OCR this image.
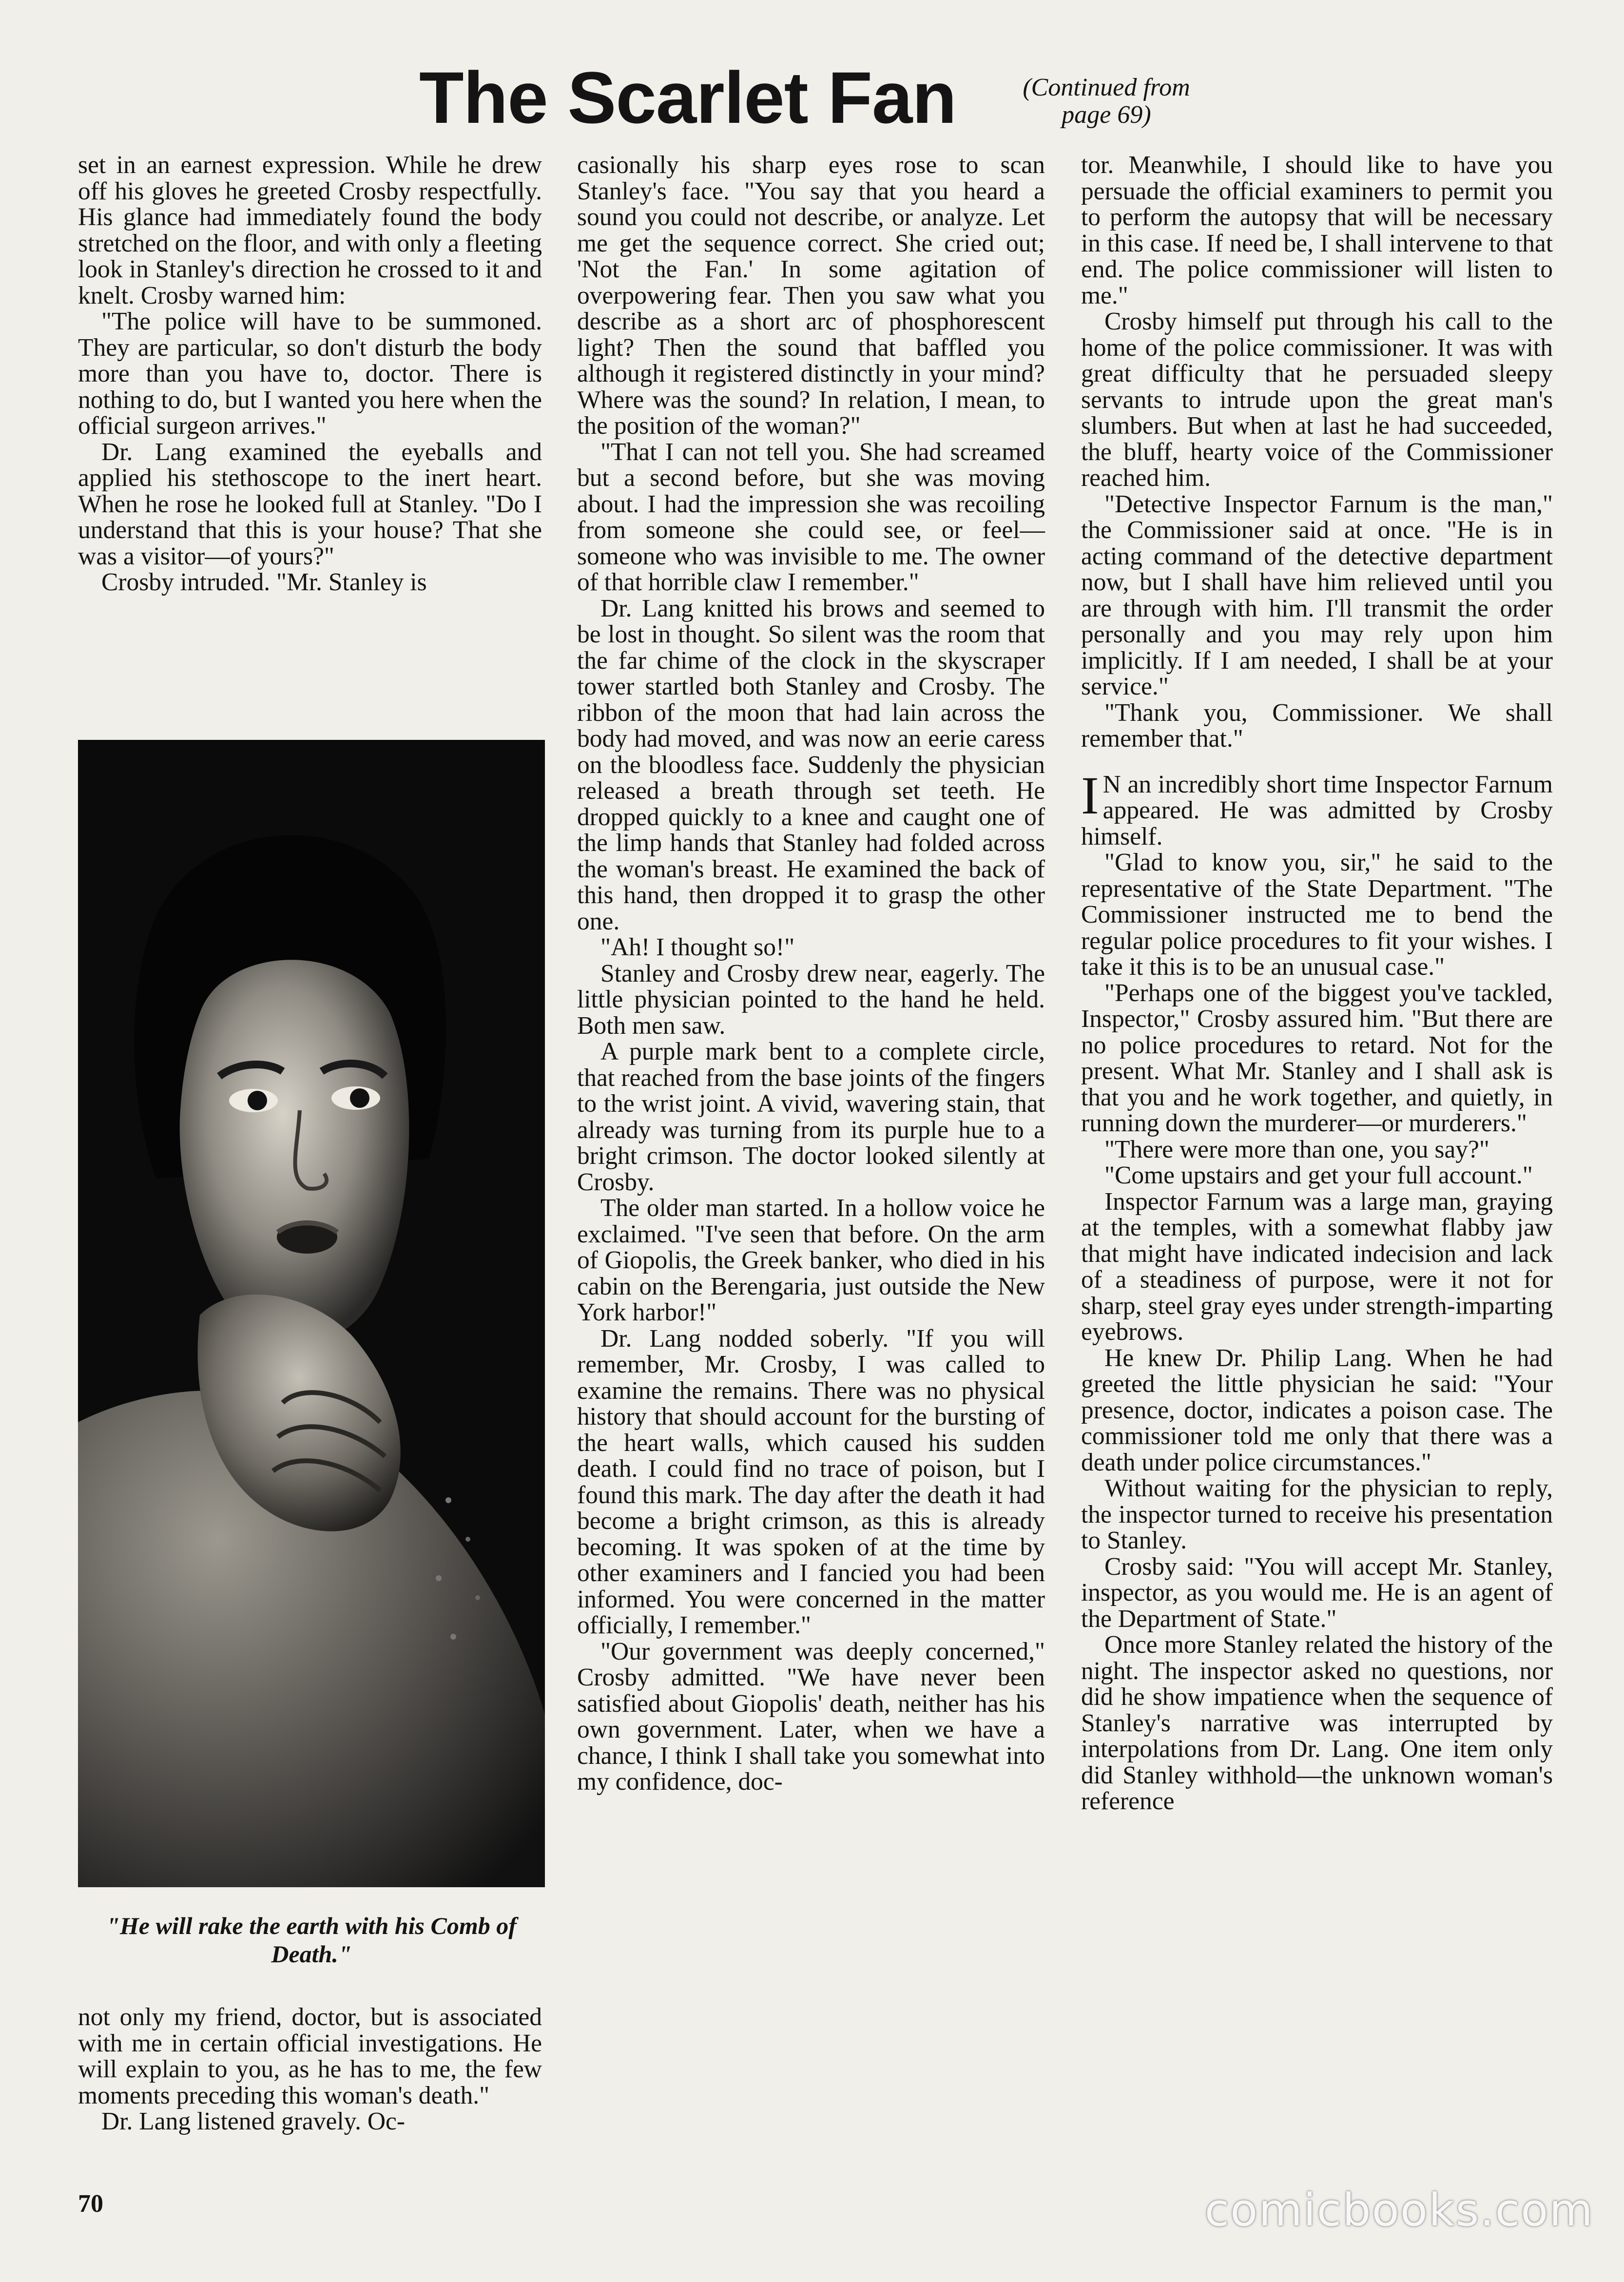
The Scarlet Fan	(Continued from
page 69)

set in an earnest expression. While he drew off his gloves he greeted Crosby respectfully. His glance had immediately found the body stretched on the floor, and with only a fleeting look in Stanley's direction he crossed to it and knelt. Crosby warned him:

"The police will have to be summoned. They are particular, so don't disturb the body more than you have to, doctor. There is nothing to do, but I wanted you here when the official surgeon arrives."

Dr. Lang examined the eyeballs and applied his stethoscope to the inert heart. When he rose he looked full at Stanley. "Do I understand that this is your house? That she was a visitor—of yours?"

Crosby intruded. "Mr. Stanley is

"He will rake the earth with his Comb of Death."

not only my friend, doctor, but is associated with me in certain official investigations. He will explain to you, as he has to me, the few moments preceding this woman's death."

Dr. Lang listened gravely. Oc-

casionally his sharp eyes rose to scan Stanley's face. "You say that you heard a sound you could not describe, or analyze. Let me get the sequence correct. She cried out; 'Not the Fan.' In some agitation of overpowering fear. Then you saw what you describe as a short arc of phosphorescent light? Then the sound that baffled you although it registered distinctly in your mind? Where was the sound? In relation, I mean, to the position of the woman?"

"That I can not tell you. She had screamed but a second before, but she was moving about. I had the impression she was recoiling from someone she could see, or feel—someone who was invisible to me. The owner of that horrible claw I remember."

Dr. Lang knitted his brows and seemed to be lost in thought. So silent was the room that the far chime of the clock in the skyscraper tower startled both Stanley and Crosby. The ribbon of the moon that had lain across the body had moved, and was now an eerie caress on the bloodless face. Suddenly the physician released a breath through set teeth. He dropped quickly to a knee and caught one of the limp hands that Stanley had folded across the woman's breast. He examined the back of this hand, then dropped it to grasp the other one.

"Ah! I thought so!"

Stanley and Crosby drew near, eagerly. The little physician pointed to the hand he held. Both men saw.

A purple mark bent to a complete circle, that reached from the base joints of the fingers to the wrist joint. A vivid, wavering stain, that already was turning from its purple hue to a bright crimson. The doctor looked silently at Crosby.

The older man started. In a hollow voice he exclaimed. "I've seen that before. On the arm of Giopolis, the Greek banker, who died in his cabin on the Berengaria, just outside the New York harbor!"

Dr. Lang nodded soberly. "If you will remember, Mr. Crosby, I was called to examine the remains. There was no physical history that should account for the bursting of the heart walls, which caused his sudden death. I could find no trace of poison, but I found this mark. The day after the death it had become a bright crimson, as this is already becoming. It was spoken of at the time by other examiners and I fancied you had been informed. You were concerned in the matter officially, I remember."

"Our government was deeply concerned," Crosby admitted. "We have never been satisfied about Giopolis' death, neither has his own government. Later, when we have a chance, I think I shall take you somewhat into my confidence, doc-

tor. Meanwhile, I should like to have you persuade the official examiners to permit you to perform the autopsy that will be necessary in this case. If need be, I shall intervene to that end. The police commissioner will listen to me."

Crosby himself put through his call to the home of the police commissioner. It was with great difficulty that he persuaded sleepy servants to intrude upon the great man's slumbers. But when at last he had succeeded, the bluff, hearty voice of the Commissioner reached him.

"Detective Inspector Farnum is the man," the Commissioner said at once. "He is in acting command of the detective department now, but I shall have him relieved until you are through with him. I'll transmit the order personally and you may rely upon him implicitly. If I am needed, I shall be at your service."

"Thank you, Commissioner. We shall remember that."

IN an incredibly short time Inspector Farnum appeared. He was admitted by Crosby himself.

"Glad to know you, sir," he said to the representative of the State Department. "The Commissioner instructed me to bend the regular police procedures to fit your wishes. I take it this is to be an unusual case."

"Perhaps one of the biggest you've tackled, Inspector," Crosby assured him. "But there are no police procedures to retard. Not for the present. What Mr. Stanley and I shall ask is that you and he work together, and quietly, in running down the murderer—or murderers."

"There were more than one, you say?"

"Come upstairs and get your full account."

Inspector Farnum was a large man, graying at the temples, with a somewhat flabby jaw that might have indicated indecision and lack of a steadiness of purpose, were it not for sharp, steel gray eyes under strength-imparting eyebrows.

He knew Dr. Philip Lang. When he had greeted the little physician he said: "Your presence, doctor, indicates a poison case. The commissioner told me only that there was a death under police circumstances."

Without waiting for the physician to reply, the inspector turned to receive his presentation to Stanley.

Crosby said: "You will accept Mr. Stanley, inspector, as you would me. He is an agent of the Department of State."

Once more Stanley related the history of the night. The inspector asked no questions, nor did he show impatience when the sequence of Stanley's narrative was interrupted by interpolations from Dr. Lang. One item only did Stanley withhold—the unknown woman's reference

70	comicbooks.com
